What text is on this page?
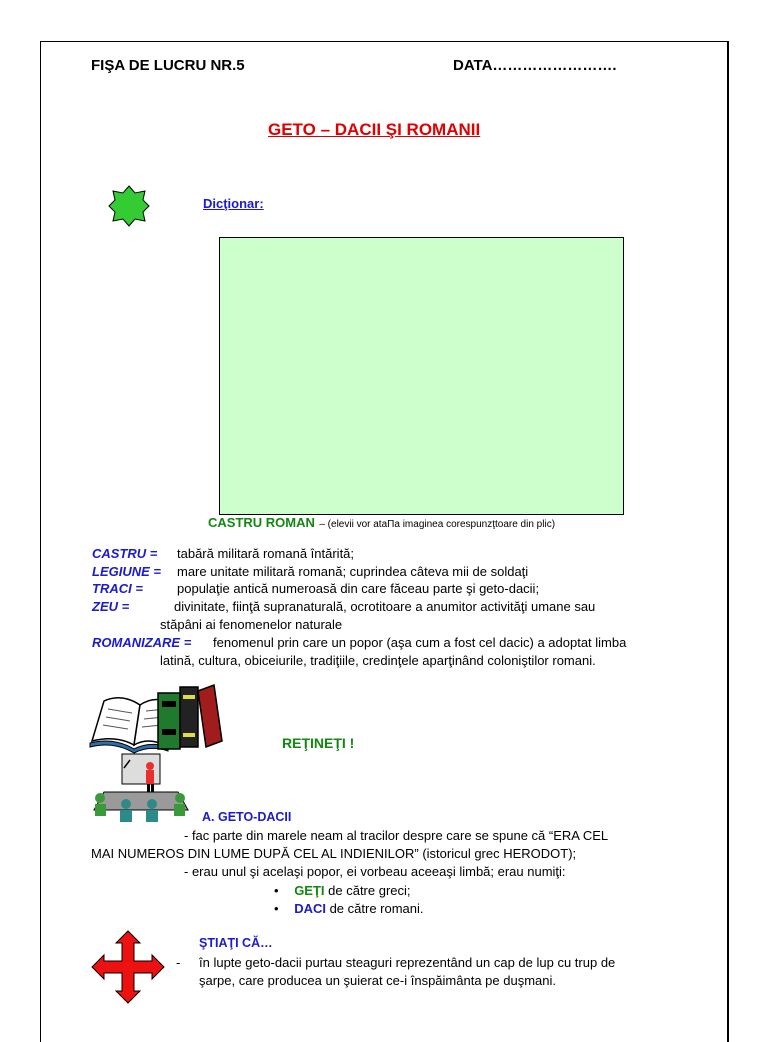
FIŞA DE LUCRU NR.5	DATA…………………….
GETO – DACII ŞI ROMANII
Dicţionar:
CASTRU ROMAN – (elevii vor ataΠa imaginea corespunzţtoare din plic)
CASTRU = tabără militară romană întărită;
LEGIUNE = mare unitate militară romană; cuprindea câteva mii de soldaţi
TRACI =	populaţie antică numeroasă din care făceau parte şi geto-dacii;
ZEU =	divinitate, fiinţă supranaturală, ocrotitoare a anumitor activităţi umane sau
stăpâni ai fenomenelor naturale
ROMANIZARE = fenomenul prin care un popor (aşa cum a fost cel dacic) a adoptat limba
latină, cultura, obiceiurile, tradiţiile, credinţele aparţinând coloniştilor romani.
REŢINEŢI !
A. GETO-DACII
- fac parte din marele neam al tracilor despre care se spune că “ERA CEL
MAI NUMEROS DIN LUME DUPĂ CEL AL INDIENILOR” (istoricul grec HERODOT);
- erau unul şi acelaşi popor, ei vorbeau aceeaşi limbă; erau numiţi:
• GEŢI de către greci;
• DACI de către romani.
ŞTIAŢI CĂ…
- în lupte geto-dacii purtau steaguri reprezentând un cap de lup cu trup de
şarpe, care producea un şuierat ce-i înspăimânta pe duşmani.
